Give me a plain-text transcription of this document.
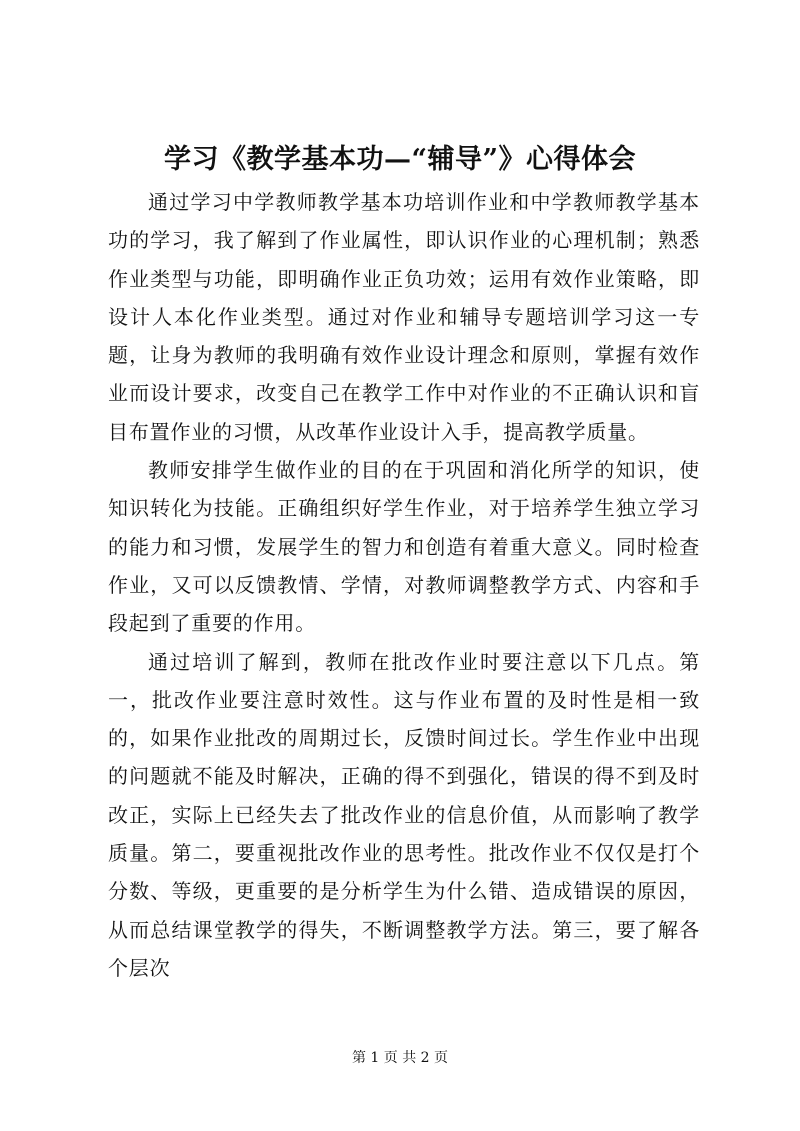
学习《教学基本功—“辅导”》心得体会

通过学习中学教师教学基本功培训作业和中学教师教学基本功的学习，我了解到了作业属性，即认识作业的心理机制；熟悉作业类型与功能，即明确作业正负功效；运用有效作业策略，即设计人本化作业类型。通过对作业和辅导专题培训学习这一专题，让身为教师的我明确有效作业设计理念和原则，掌握有效作业而设计要求，改变自己在教学工作中对作业的不正确认识和盲目布置作业的习惯，从改革作业设计入手，提高教学质量。

教师安排学生做作业的目的在于巩固和消化所学的知识，使知识转化为技能。正确组织好学生作业，对于培养学生独立学习的能力和习惯，发展学生的智力和创造有着重大意义。同时检查作业，又可以反馈教情、学情，对教师调整教学方式、内容和手段起到了重要的作用。

通过培训了解到，教师在批改作业时要注意以下几点。第一，批改作业要注意时效性。这与作业布置的及时性是相一致的，如果作业批改的周期过长，反馈时间过长。学生作业中出现的问题就不能及时解决，正确的得不到强化，错误的得不到及时改正，实际上已经失去了批改作业的信息价值，从而影响了教学质量。第二，要重视批改作业的思考性。批改作业不仅仅是打个分数、等级，更重要的是分析学生为什么错、造成错误的原因，从而总结课堂教学的得失，不断调整教学方法。第三，要了解各个层次

第 1 页 共 2 页
